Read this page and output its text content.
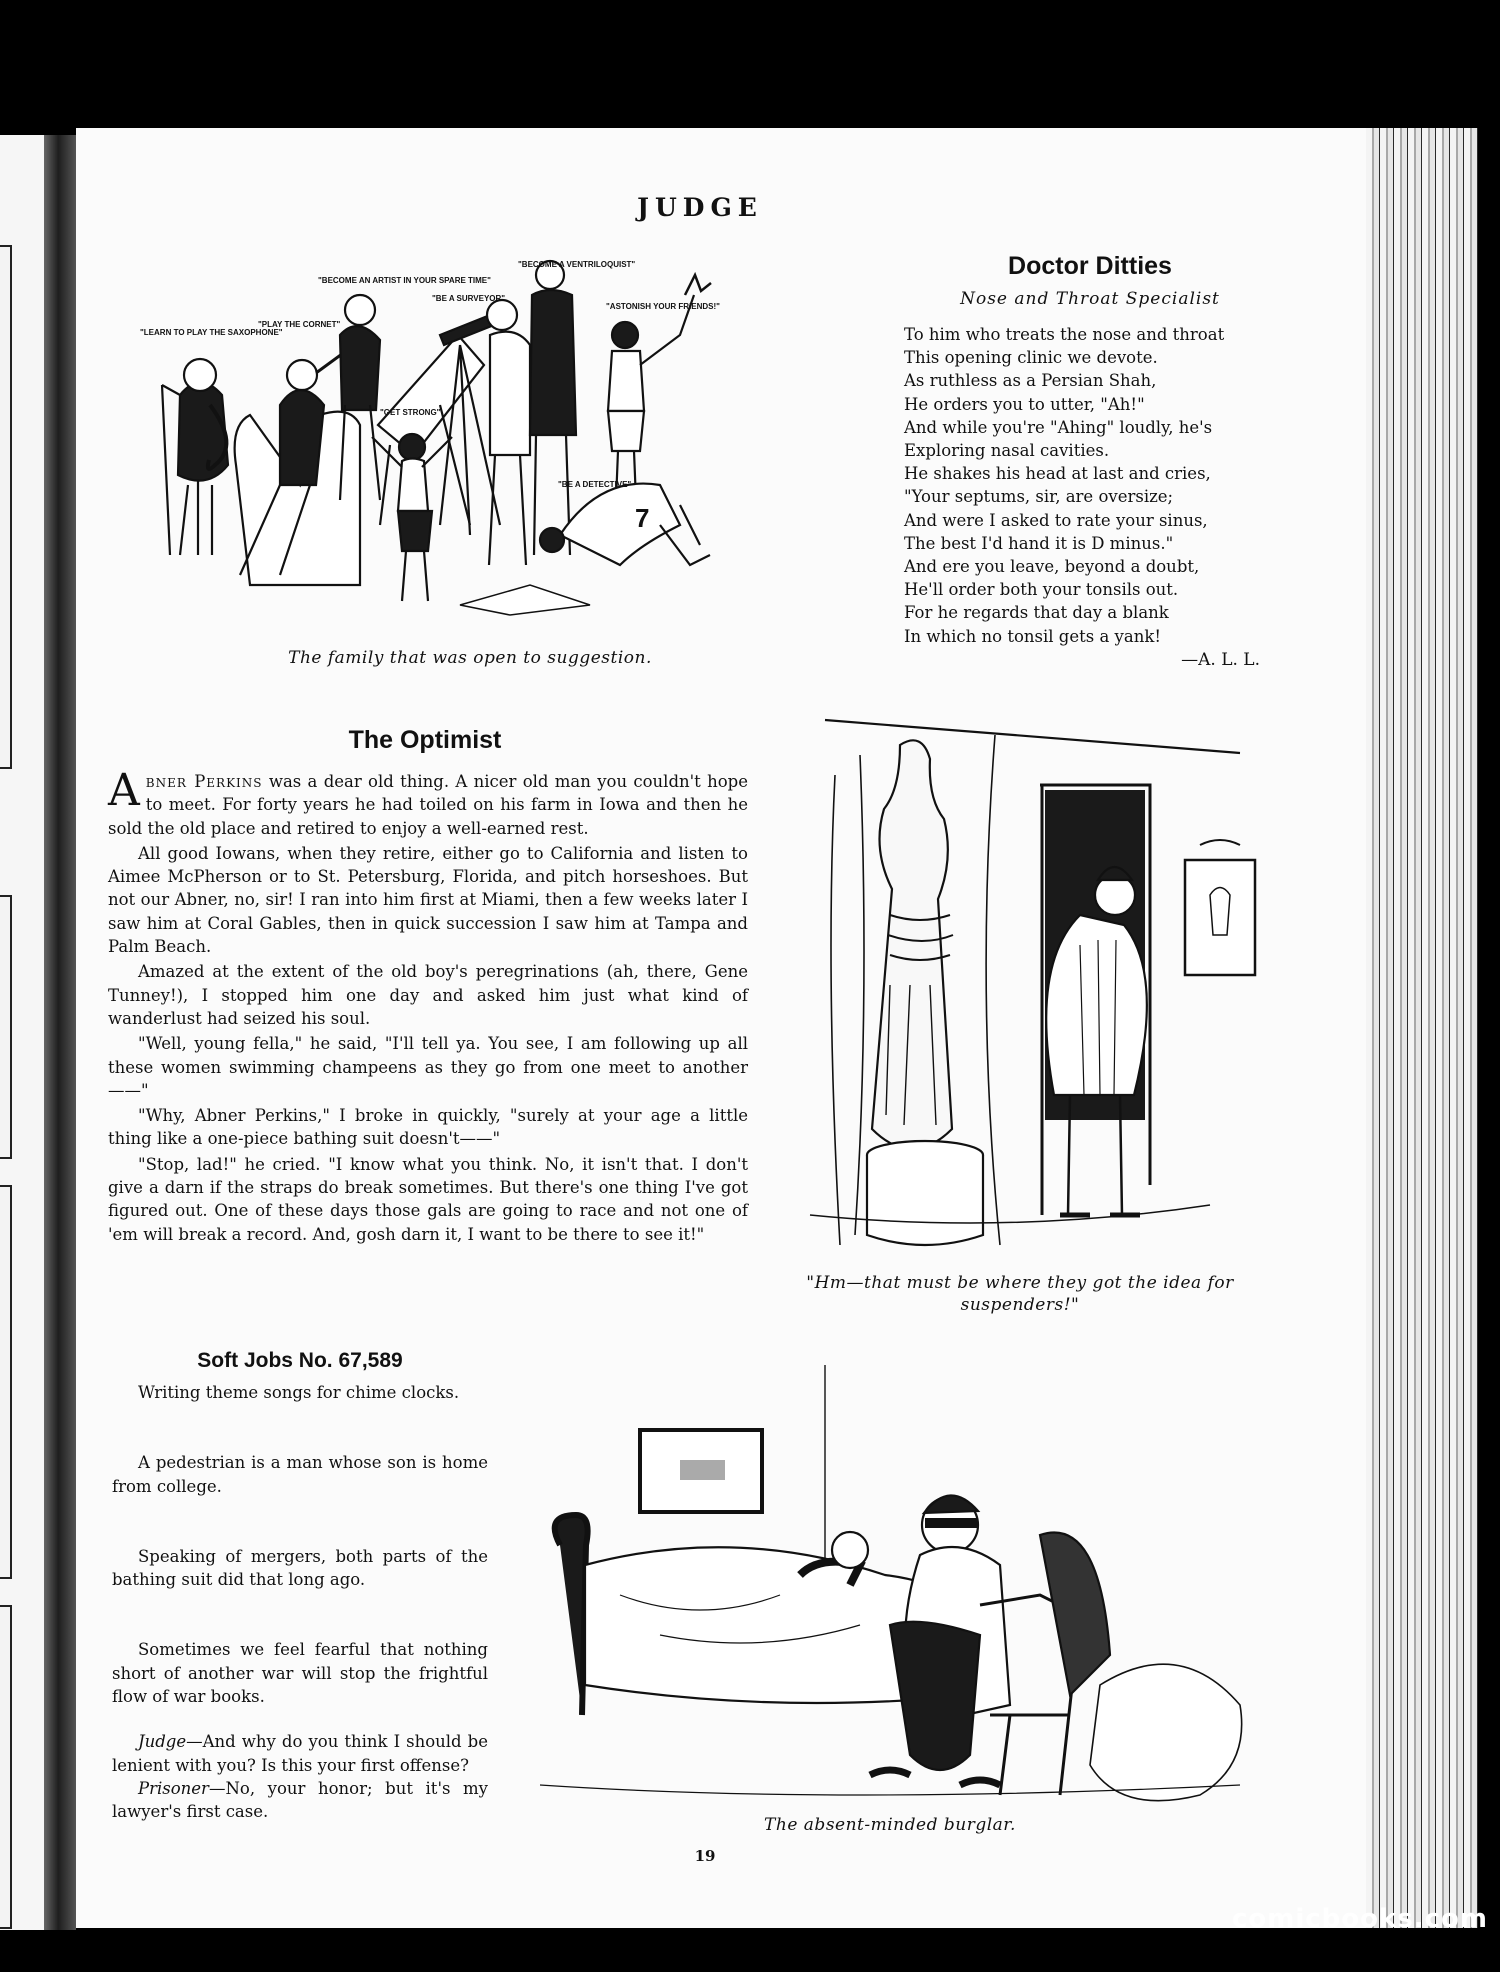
JUDGE
7
"LEARN TO PLAY THE SAXOPHONE"
"PLAY THE CORNET"
"BECOME AN ARTIST IN YOUR SPARE TIME"
"BE A SURVEYOR"
"BECOME A VENTRILOQUIST"
"ASTONISH YOUR FRIENDS!"
"GET STRONG"
"BE A DETECTIVE"
The family that was open to suggestion.
Doctor Ditties
Nose and Throat Specialist
To him who treats the nose and throat
This opening clinic we devote.
As ruthless as a Persian Shah,
He orders you to utter, "Ah!"
And while you're "Ahing" loudly, he's
Exploring nasal cavities.
He shakes his head at last and cries,
"Your septums, sir, are oversize;
And were I asked to rate your sinus,
The best I'd hand it is D minus."
And ere you leave, beyond a doubt,
He'll order both your tonsils out.
For he regards that day a blank
In which no tonsil gets a yank!
—A. L. L.
The Optimist

Abner Perkins was a dear old thing. A nicer old man you couldn't hope to meet. For forty years he had toiled on his farm in Iowa and then he sold the old place and retired to enjoy a well-earned rest.

All good Iowans, when they retire, either go to California and listen to Aimee McPherson or to St. Petersburg, Florida, and pitch horseshoes. But not our Abner, no, sir! I ran into him first at Miami, then a few weeks later I saw him at Coral Gables, then in quick succession I saw him at Tampa and Palm Beach.

Amazed at the extent of the old boy's peregrinations (ah, there, Gene Tunney!), I stopped him one day and asked him just what kind of wanderlust had seized his soul.

"Well, young fella," he said, "I'll tell ya. You see, I am following up all these women swimming champeens as they go from one meet to another——"

"Why, Abner Perkins," I broke in quickly, "surely at your age a little thing like a one-piece bathing suit doesn't——"

"Stop, lad!" he cried. "I know what you think. No, it isn't that. I don't give a darn if the straps do break sometimes. But there's one thing I've got figured out. One of these days those gals are going to race and not one of 'em will break a record. And, gosh darn it, I want to be there to see it!"

"Hm—that must be where they got the idea for suspenders!"
Soft Jobs No. 67,589

Writing theme songs for chime clocks.

A pedestrian is a man whose son is home from college.

Speaking of mergers, both parts of the bathing suit did that long ago.

Sometimes we feel fearful that nothing short of another war will stop the frightful flow of war books.

Judge—And why do you think I should be lenient with you? Is this your first offense?

Prisoner—No, your honor; but it's my lawyer's first case.

The absent-minded burglar.
19
comicbooks.com
